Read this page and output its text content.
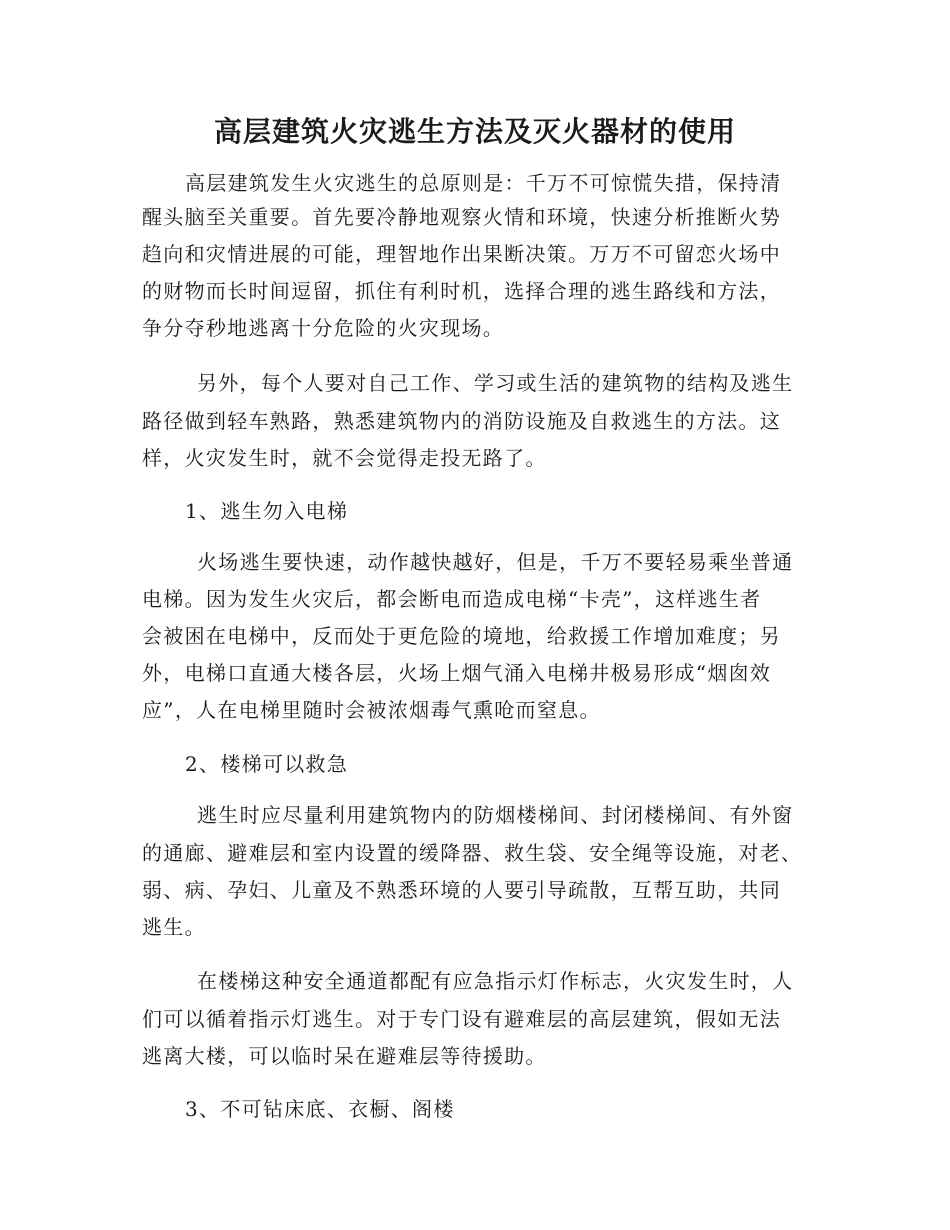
高层建筑火灾逃生方法及灭火器材的使用
高层建筑发生火灾逃生的总原则是：千万不可惊慌失措，保持清
醒头脑至关重要。首先要冷静地观察火情和环境，快速分析推断火势
趋向和灾情进展的可能，理智地作出果断决策。万万不可留恋火场中
的财物而长时间逗留，抓住有利时机，选择合理的逃生路线和方法，
争分夺秒地逃离十分危险的火灾现场。
另外，每个人要对自己工作、学习或生活的建筑物的结构及逃生
路径做到轻车熟路，熟悉建筑物内的消防设施及自救逃生的方法。这
样，火灾发生时，就不会觉得走投无路了。
1、逃生勿入电梯
火场逃生要快速，动作越快越好，但是，千万不要轻易乘坐普通
电梯。因为发生火灾后，都会断电而造成电梯“卡壳”，这样逃生者
会被困在电梯中，反而处于更危险的境地，给救援工作增加难度；另
外，电梯口直通大楼各层，火场上烟气涌入电梯井极易形成“烟囱效
应”，人在电梯里随时会被浓烟毒气熏呛而窒息。
2、楼梯可以救急
逃生时应尽量利用建筑物内的防烟楼梯间、封闭楼梯间、有外窗
的通廊、避难层和室内设置的缓降器、救生袋、安全绳等设施，对老、
弱、病、孕妇、儿童及不熟悉环境的人要引导疏散，互帮互助，共同
逃生。
在楼梯这种安全通道都配有应急指示灯作标志，火灾发生时，人
们可以循着指示灯逃生。对于专门设有避难层的高层建筑，假如无法
逃离大楼，可以临时呆在避难层等待援助。
3、不可钻床底、衣橱、阁楼
